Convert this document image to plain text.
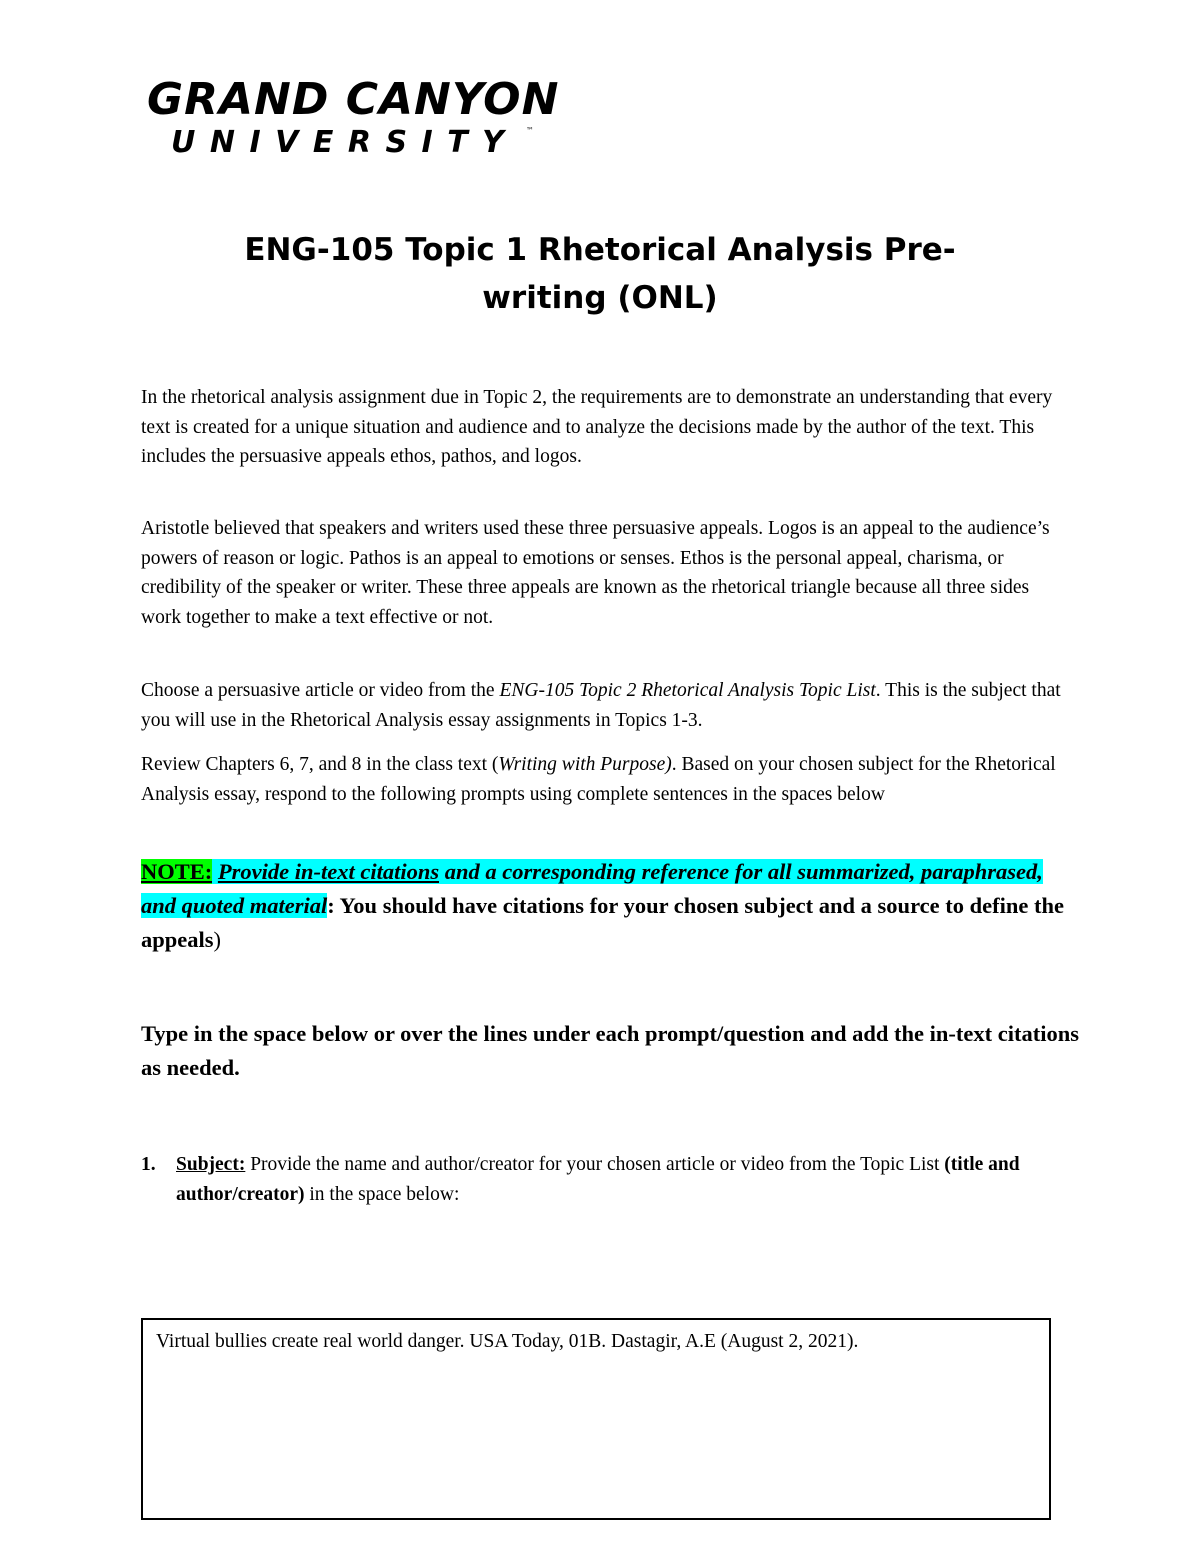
GRAND CANYON
UNIVERSITY ™
ENG-105 Topic 1 Rhetorical Analysis Pre-
writing (ONL)
In the rhetorical analysis assignment due in Topic 2, the requirements are to demonstrate an understanding that every text is created for a unique situation and audience and to analyze the decisions made by the author of the text. This includes the persuasive appeals ethos, pathos, and logos.
Aristotle believed that speakers and writers used these three persuasive appeals. Logos is an appeal to the audience’s powers of reason or logic. Pathos is an appeal to emotions or senses. Ethos is the personal appeal, charisma, or credibility of the speaker or writer. These three appeals are known as the rhetorical triangle because all three sides work together to make a text effective or not.
Choose a persuasive article or video from the ENG-105 Topic 2 Rhetorical Analysis Topic List. This is the subject that you will use in the Rhetorical Analysis essay assignments in Topics 1-3.
Review Chapters 6, 7, and 8 in the class text (Writing with Purpose). Based on your chosen subject for the Rhetorical Analysis essay, respond to the following prompts using complete sentences in the spaces below
NOTE: Provide in-text citations and a corresponding reference for all summarized, paraphrased, and quoted material: You should have citations for your chosen subject and a source to define the appeals)
Type in the space below or over the lines under each prompt/question and add the in-text citations as needed.
1. Subject: Provide the name and author/creator for your chosen article or video from the Topic List (title and author/creator) in the space below:
Virtual bullies create real world danger. USA Today, 01B. Dastagir, A.E (August 2, 2021).
